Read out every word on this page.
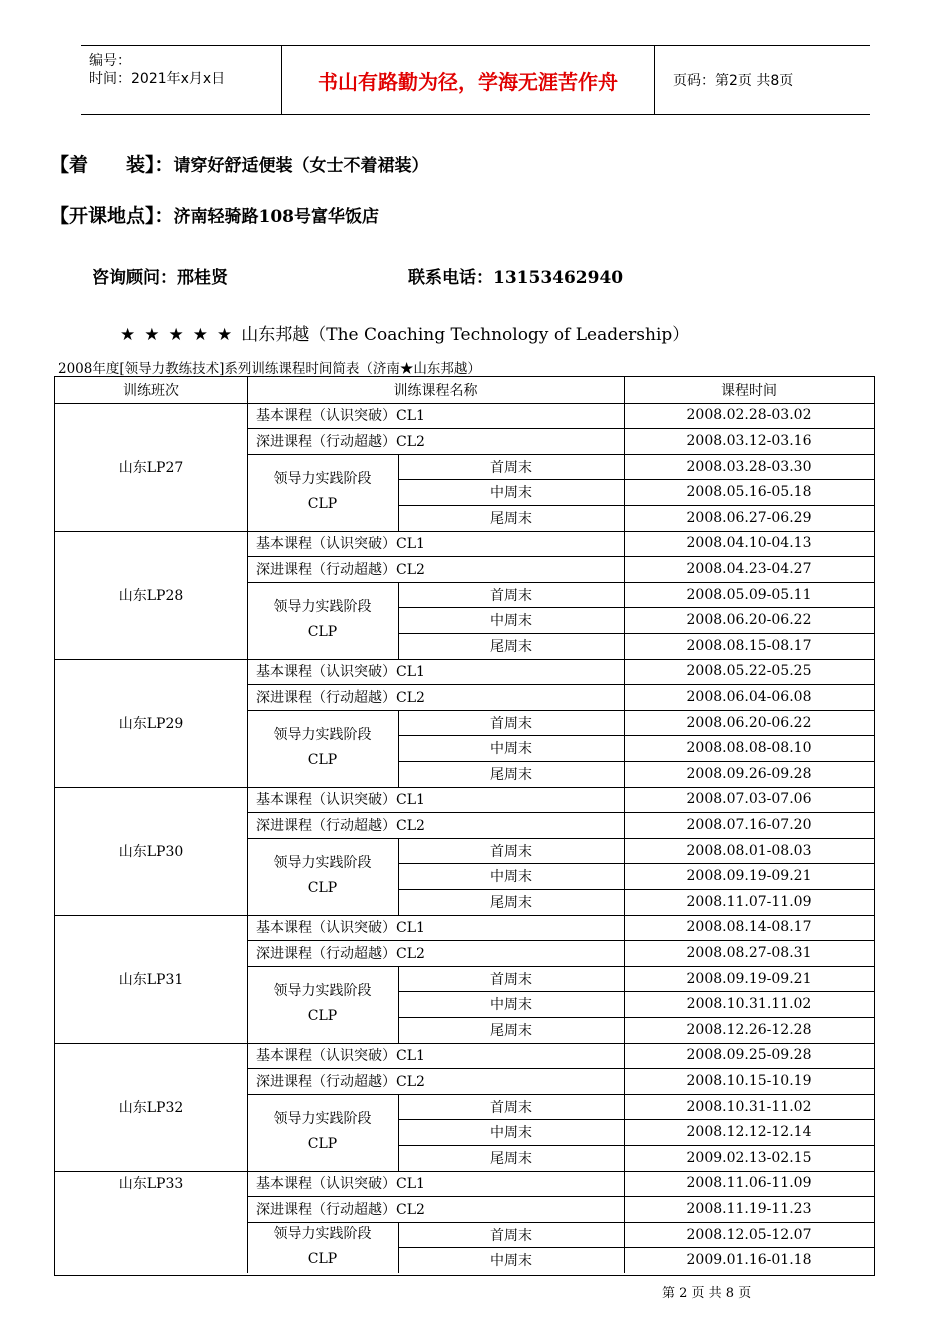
编号：
时间：2021年x月x日	书山有路勤为径，学海无涯苦作舟	页码：第2页 共8页
【着　　装】：请穿好舒适便装（女士不着裙装）
【开课地点】：济南轻骑路108号富华饭店
咨询顾问：邢桂贤	联系电话：13153462940
★ ★ ★ ★ ★ 山东邦越（The Coaching Technology of Leadership）
2008年度[领导力教练技术]系列训练课程时间简表（济南★山东邦越）
训练班次	训练课程名称	课程时间
山东LP27
基本课程（认识突破）CL1	2008.02.28-03.02
深进课程（行动超越）CL2	2008.03.12-03.16
领导力实践阶段
CLP
首周末	2008.03.28-03.30
中周末	2008.05.16-05.18
尾周末	2008.06.27-06.29
山东LP28
基本课程（认识突破）CL1	2008.04.10-04.13
深进课程（行动超越）CL2	2008.04.23-04.27
领导力实践阶段
CLP
首周末	2008.05.09-05.11
中周末	2008.06.20-06.22
尾周末	2008.08.15-08.17
山东LP29
基本课程（认识突破）CL1	2008.05.22-05.25
深进课程（行动超越）CL2	2008.06.04-06.08
领导力实践阶段
CLP
首周末	2008.06.20-06.22
中周末	2008.08.08-08.10
尾周末	2008.09.26-09.28
山东LP30
基本课程（认识突破）CL1	2008.07.03-07.06
深进课程（行动超越）CL2	2008.07.16-07.20
领导力实践阶段
CLP
首周末	2008.08.01-08.03
中周末	2008.09.19-09.21
尾周末	2008.11.07-11.09
山东LP31
基本课程（认识突破）CL1	2008.08.14-08.17
深进课程（行动超越）CL2	2008.08.27-08.31
领导力实践阶段
CLP
首周末	2008.09.19-09.21
中周末	2008.10.31.11.02
尾周末	2008.12.26-12.28
山东LP32
基本课程（认识突破）CL1	2008.09.25-09.28
深进课程（行动超越）CL2	2008.10.15-10.19
领导力实践阶段
CLP
首周末	2008.10.31-11.02
中周末	2008.12.12-12.14
尾周末	2009.02.13-02.15
山东LP33	基本课程（认识突破）CL1	2008.11.06-11.09
深进课程（行动超越）CL2	2008.11.19-11.23
领导力实践阶段
CLP
首周末	2008.12.05-12.07
中周末	2009.01.16-01.18
第 2 页 共 8 页
